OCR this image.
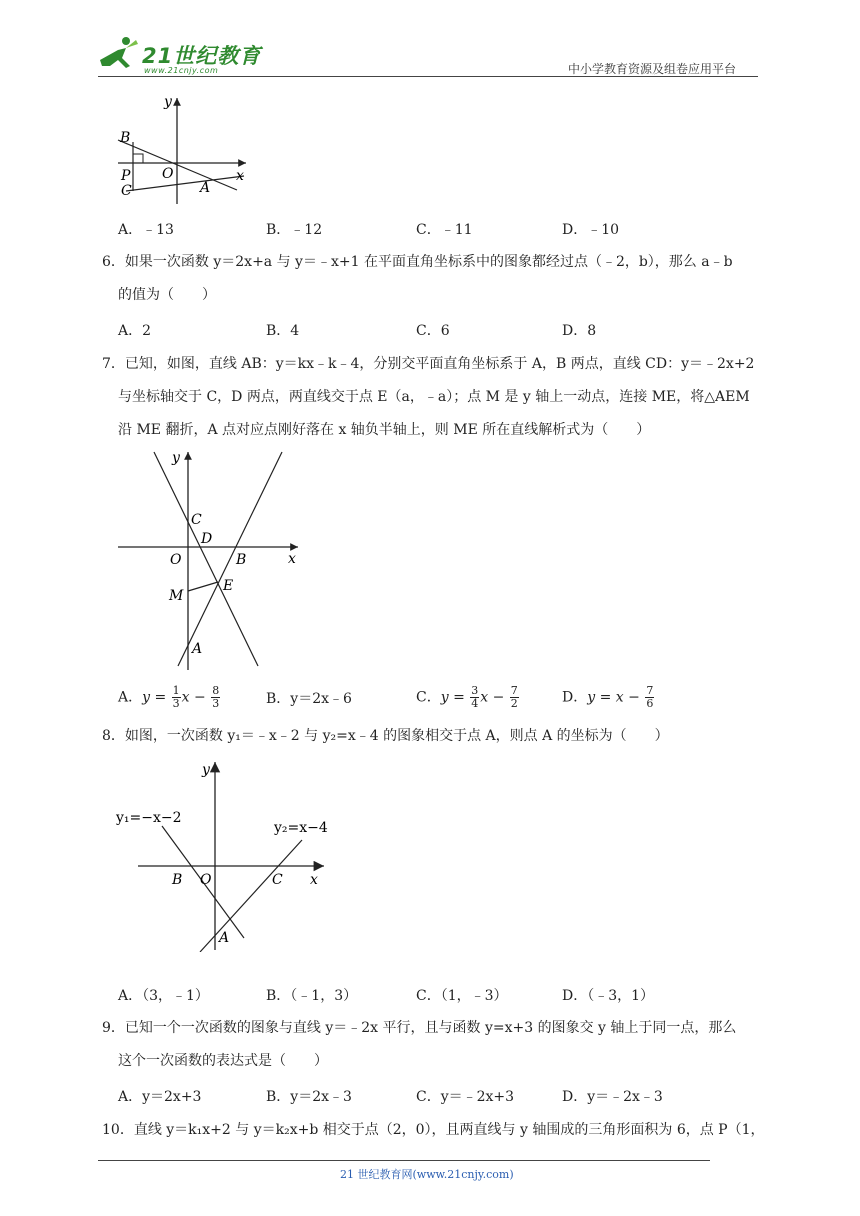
21世纪教育
www.21cnjy.com	中小学教育资源及组卷应用平台
y
x
B
P
C
O
A
A．﹣13	B．﹣12	C．﹣11	D．﹣10
6．如果一次函数 y＝2x+a 与 y＝﹣x+1 在平面直角坐标系中的图象都经过点（﹣2，b），那么 a﹣b
的值为（　　）
A．2	B．4	C．6	D．8
7．已知，如图，直线 AB：y＝kx﹣k﹣4，分别交平面直角坐标系于 A，B 两点，直线 CD：y＝﹣2x+2
与坐标轴交于 C，D 两点，两直线交于点 E（a，﹣a）；点 M 是 y 轴上一动点，连接 ME，将△AEM
沿 ME 翻折，A 点对应点刚好落在 x 轴负半轴上，则 ME 所在直线解析式为（　　）
y
x
C
D
O	B
E
M
A
A．$y = \frac{1}{3}$ $x - \frac{8}{3}$	B．y＝2x﹣6	C．$y = \frac{3}{4}$ $x - \frac{7}{2}$	D．$y = x - \frac{7}{6}$
8．如图，一次函数 y₁＝﹣x﹣2 与 y₂=x﹣4 的图象相交于点 A，则点 A 的坐标为（　　）
y
x
y₁=−x−2
y₂=x−4
B O	C
A
A．（3，﹣1）	B．（﹣1，3）	C．（1，﹣3）	D．（﹣3，1）
9．已知一个一次函数的图象与直线 y＝﹣2x 平行，且与函数 y=x+3 的图象交 y 轴上于同一点，那么
这个一次函数的表达式是（　　）
A．y＝2x+3	B．y＝2x﹣3	C．y＝﹣2x+3	D．y＝﹣2x﹣3
10．直线 y＝k₁x+2 与 y＝k₂x+b 相交于点（2，0），且两直线与 y 轴围成的三角形面积为 6，点 P（1，
21 世纪教育网(www.21cnjy.com)
